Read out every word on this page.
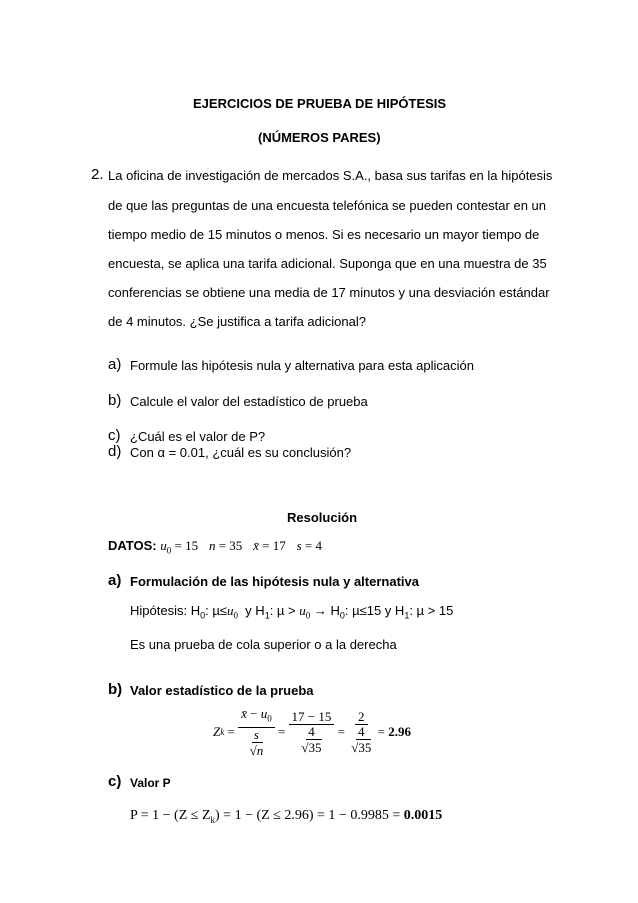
EJERCICIOS DE PRUEBA DE HIPÓTESIS
(NÚMEROS PARES)
2. La oficina de investigación de mercados S.A., basa sus tarifas en la hipótesis
de que las preguntas de una encuesta telefónica se pueden contestar en un
tiempo medio de 15 minutos o menos. Si es necesario un mayor tiempo de
encuesta, se aplica una tarifa adicional. Suponga que en una muestra de 35
conferencias se obtiene una media de 17 minutos y una desviación estándar
de 4 minutos. ¿Se justifica a tarifa adicional?
a) Formule las hipótesis nula y alternativa para esta aplicación
b) Calcule el valor del estadístico de prueba
c) ¿Cuál es el valor de P?
d) Con α = 0.01, ¿cuál es su conclusión?
Resolución
DATOS: $u_0 = 15$ n = 35 x̄ = 17 s = 4
a) Formulación de las hipótesis nula y alternativa
Hipótesis: $H_0$: $\mu\le u_0$  y $H_1$: $\mu > u_0 \to H_0$: µ≤15 y $H_1$: µ > 15
Es una prueba de cola superior o a la derecha
b) Valor estadístico de la prueba
Z k = x̄ − $u_0$
s
√n = 17 − 15
4
√35 = 2
4
√35 = 2.96
c) Valor P
$P = 1 - (Z \le Z_k) = 1 - (Z \le 2.96) = 1 - 0.9985 = 0.0015$
